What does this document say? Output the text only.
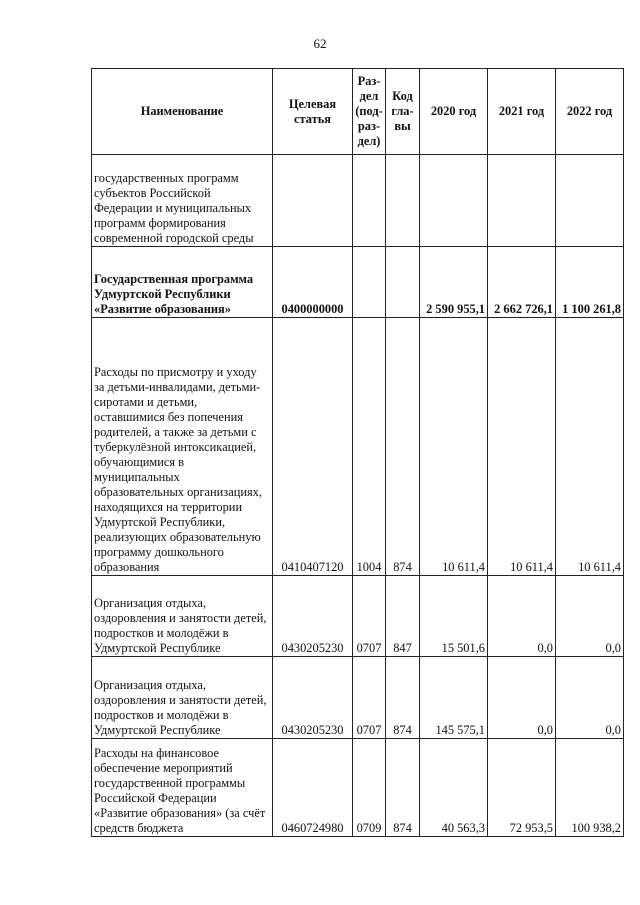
62
Наименование	Целевая статья	Раз-дел (под-раз-дел)	Код гла-вы	2020 год	2021 год	2022 год
государственных программ субъектов Российской Федерации и муниципальных программ формирования современной городской среды						
Государственная программа Удмуртской Республики «Развитие образования»	0400000000			2 590 955,1	2 662 726,1	1 100 261,8
Расходы по присмотру и уходу за детьми-инвалидами, детьми-сиротами и детьми, оставшимися без попечения родителей, а также за детьми с туберкулёзной интоксикацией, обучающимися в муниципальных образовательных организациях, находящихся на территории Удмуртской Республики, реализующих образовательную программу дошкольного образования	0410407120	1004	874	10 611,4	10 611,4	10 611,4
Организация отдыха, оздоровления и занятости детей, подростков и молодёжи в Удмуртской Республике	0430205230	0707	847	15 501,6	0,0	0,0
Организация отдыха, оздоровления и занятости детей, подростков и молодёжи в Удмуртской Республике	0430205230	0707	874	145 575,1	0,0	0,0
Расходы на финансовое обеспечение мероприятий государственной программы Российской Федерации «Развитие образования» (за счёт средств бюджета	0460724980	0709	874	40 563,3	72 953,5	100 938,2
